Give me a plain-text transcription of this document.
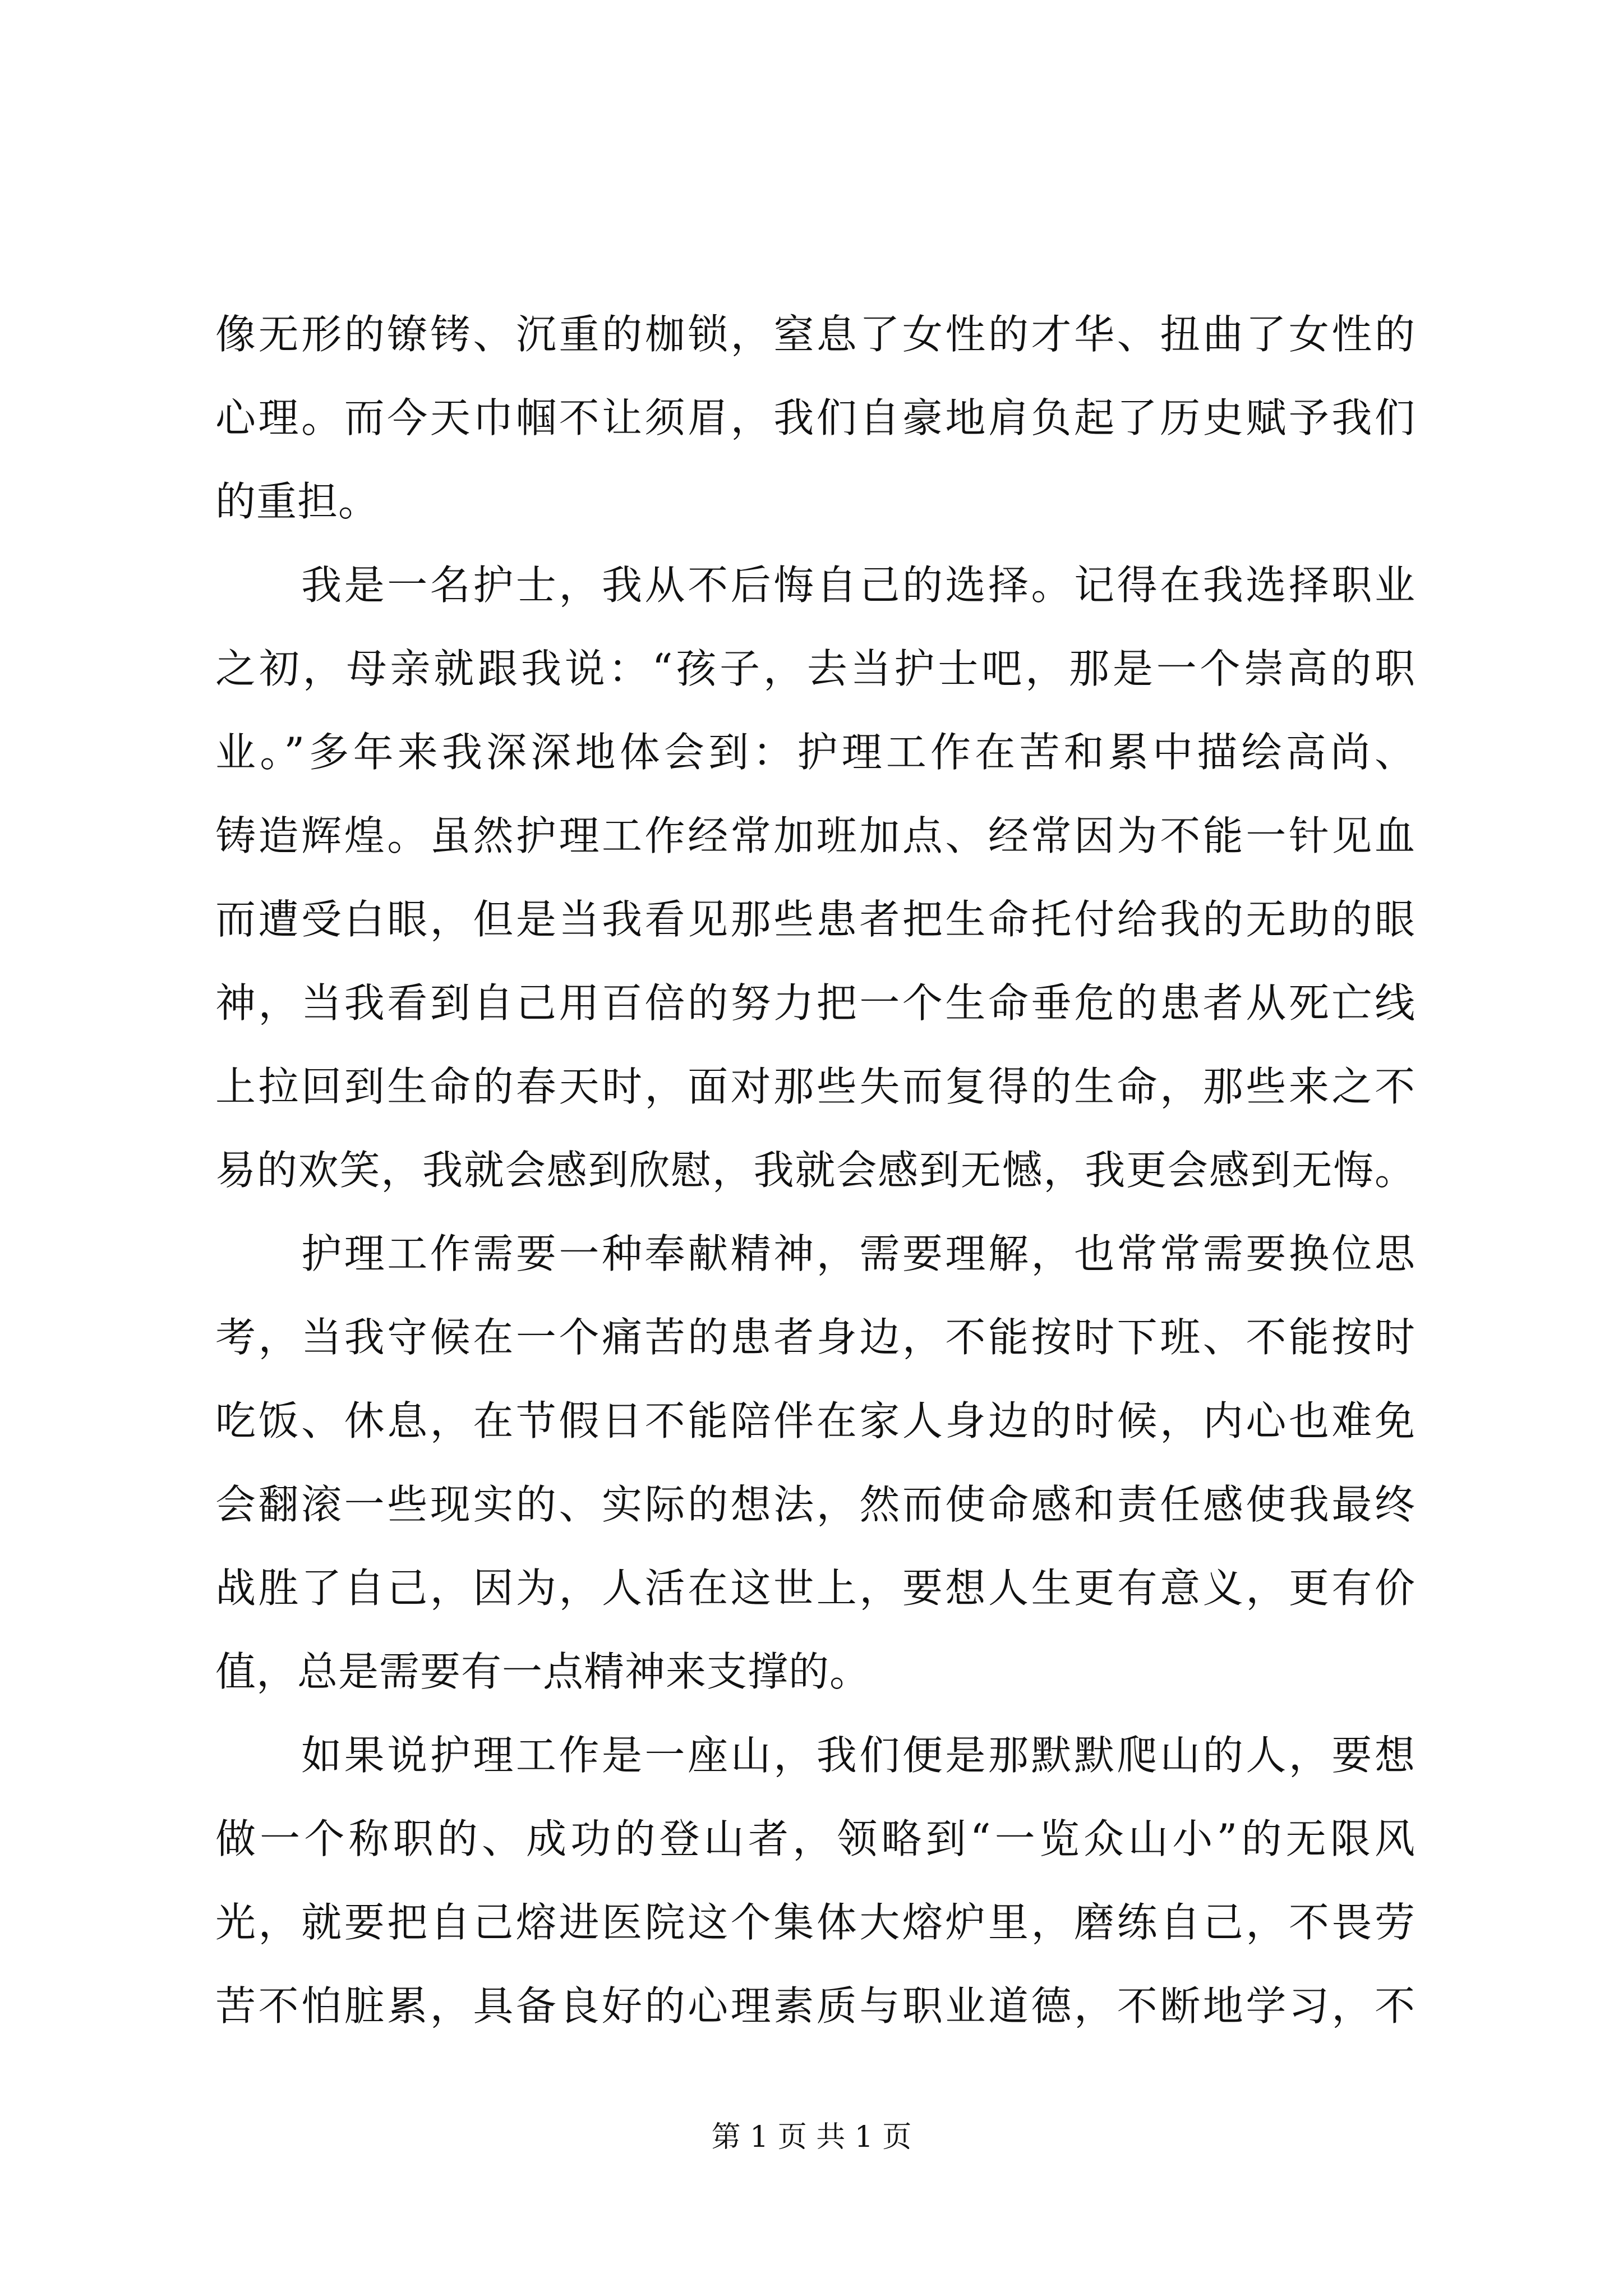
像无形的镣铐、沉重的枷锁，窒息了女性的才华、扭曲了女性的
心理。而今天巾帼不让须眉，我们自豪地肩负起了历史赋予我们
的重担。
　　我是一名护士，我从不后悔自己的选择。记得在我选择职业
之初，母亲就跟我说：“孩子，去当护士吧，那是一个崇高的职
业。”多年来我深深地体会到：护理工作在苦和累中描绘高尚、
铸造辉煌。虽然护理工作经常加班加点、经常因为不能一针见血
而遭受白眼，但是当我看见那些患者把生命托付给我的无助的眼
神，当我看到自己用百倍的努力把一个生命垂危的患者从死亡线
上拉回到生命的春天时，面对那些失而复得的生命，那些来之不
易的欢笑，我就会感到欣慰，我就会感到无憾，我更会感到无悔。
　　护理工作需要一种奉献精神，需要理解，也常常需要换位思
考，当我守候在一个痛苦的患者身边，不能按时下班、不能按时
吃饭、休息，在节假日不能陪伴在家人身边的时候，内心也难免
会翻滚一些现实的、实际的想法，然而使命感和责任感使我最终
战胜了自己，因为，人活在这世上，要想人生更有意义，更有价
值，总是需要有一点精神来支撑的。
　　如果说护理工作是一座山，我们便是那默默爬山的人，要想
做一个称职的、成功的登山者，领略到“一览众山小”的无限风
光，就要把自己熔进医院这个集体大熔炉里，磨练自己，不畏劳
苦不怕脏累，具备良好的心理素质与职业道德，不断地学习，不
第 1 页 共 1 页
